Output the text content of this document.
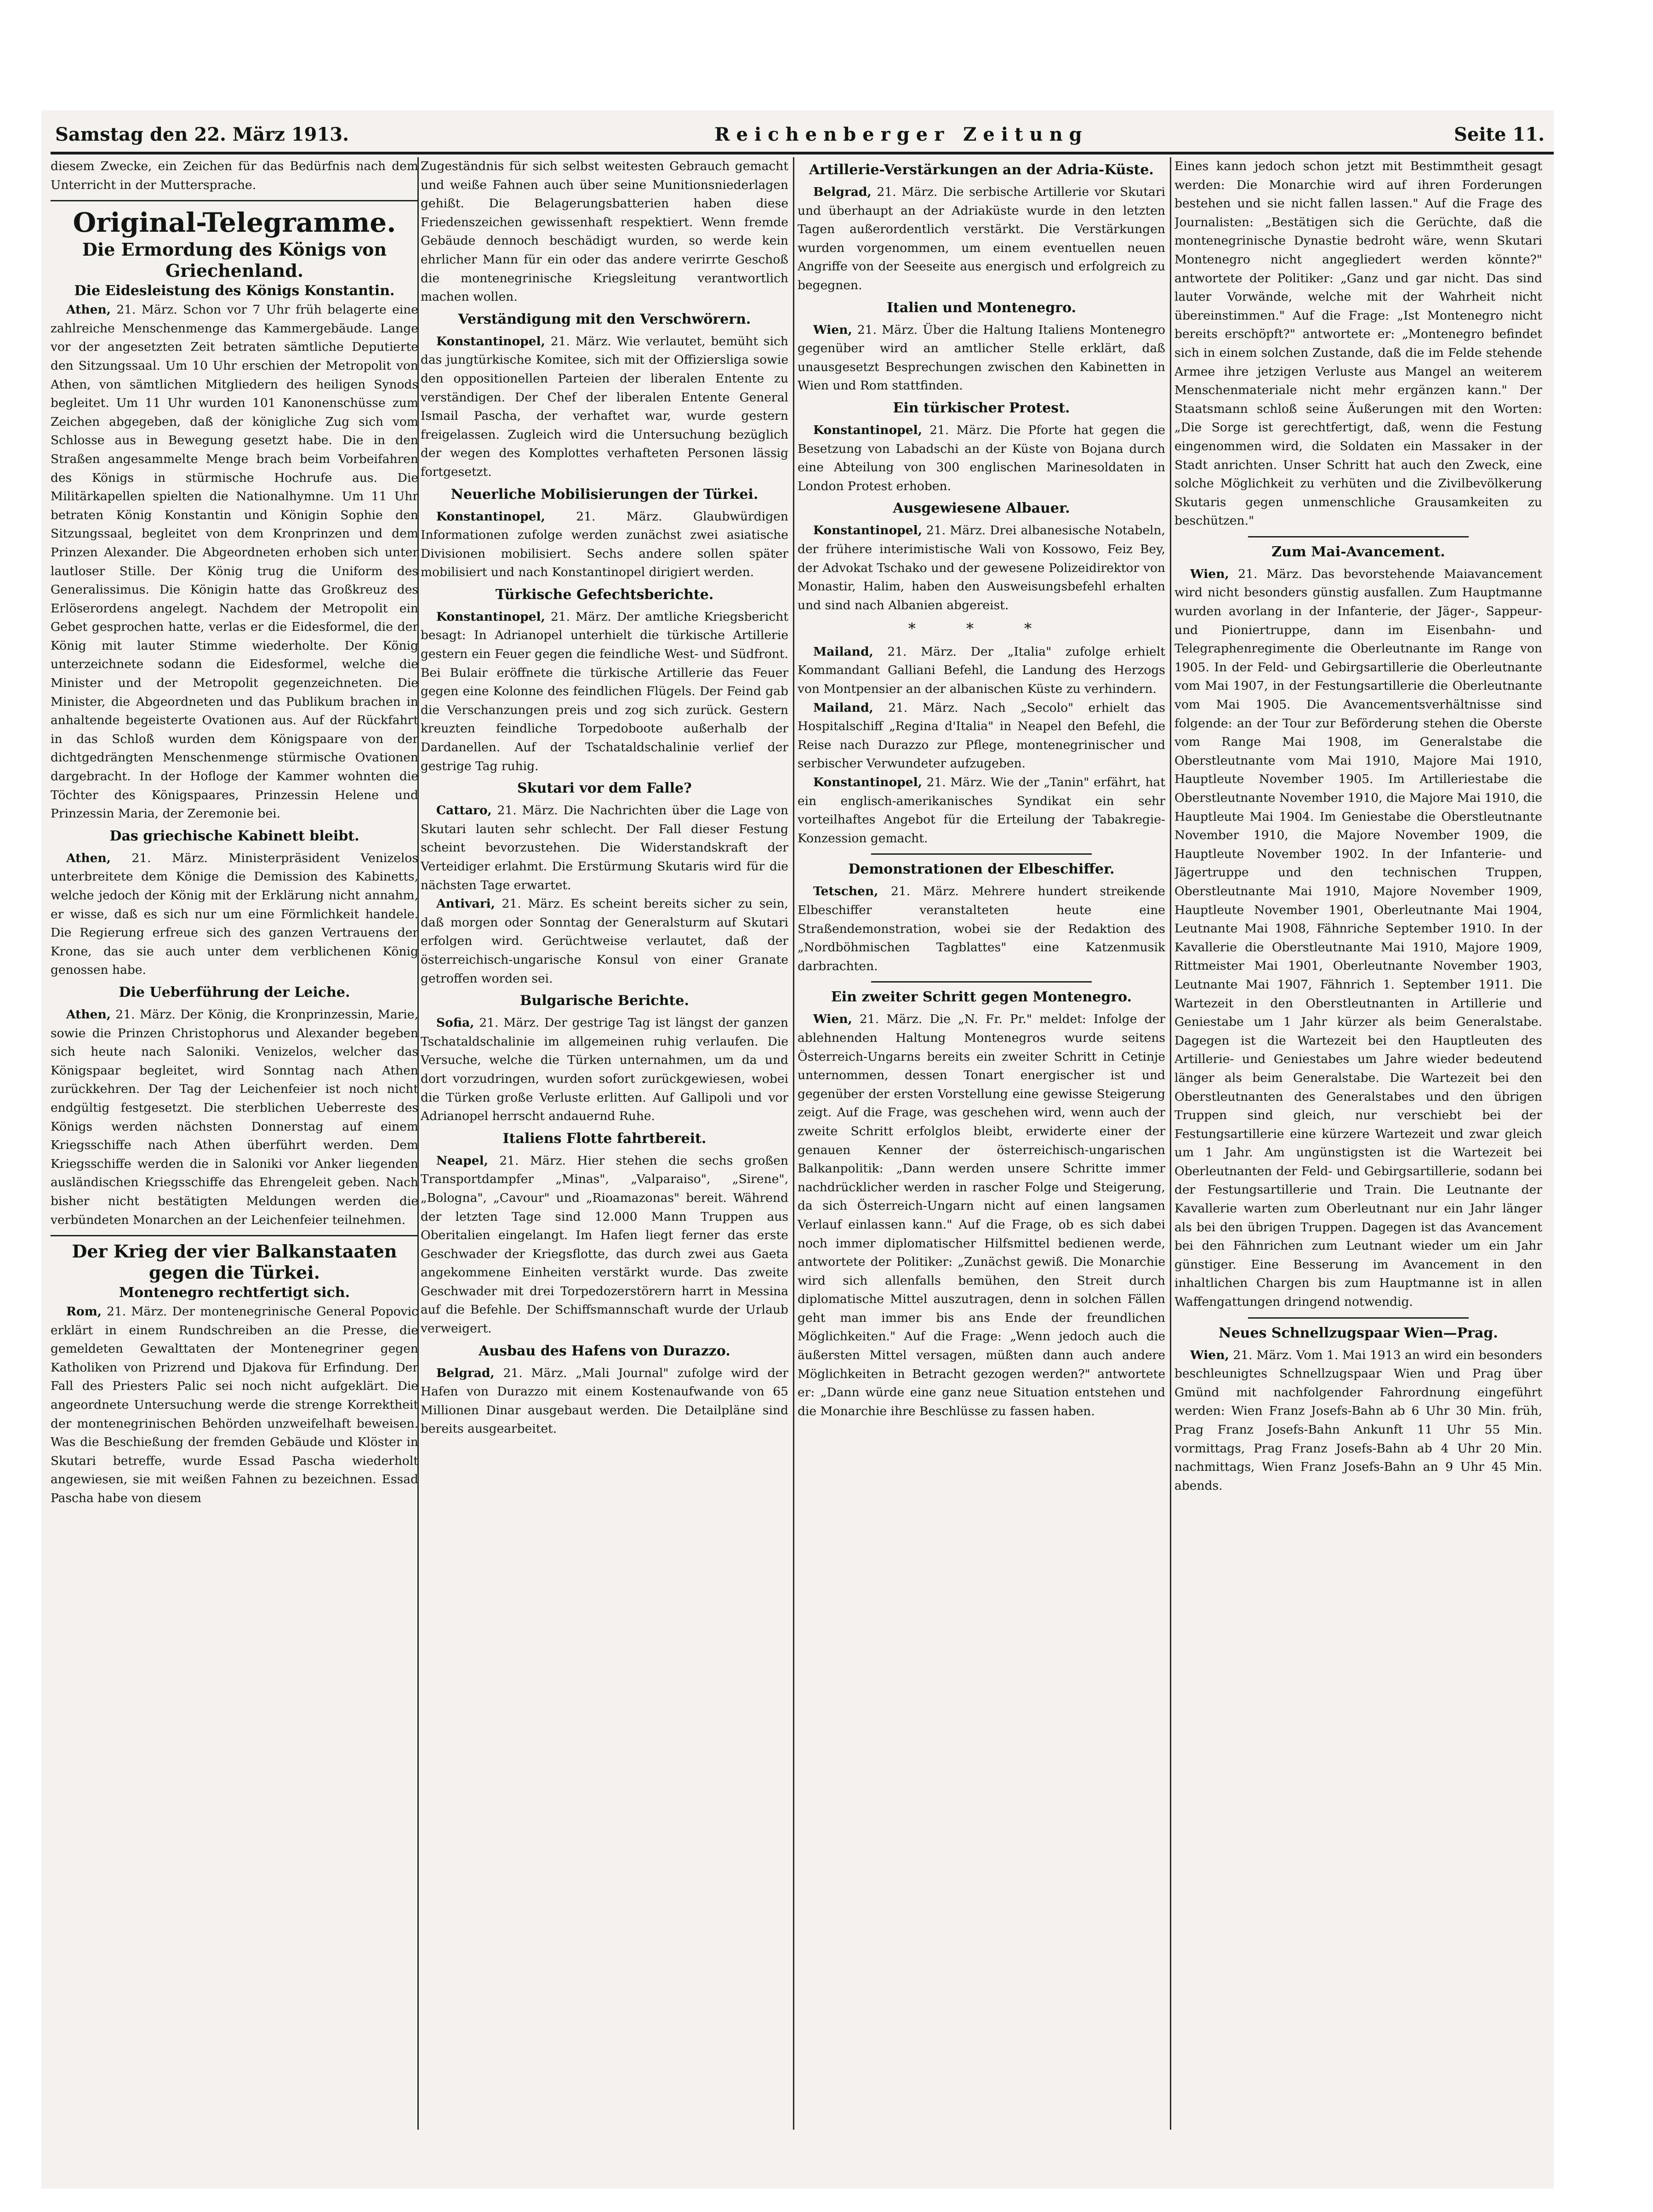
Samstag den 22. März 1913.	Reichenberger Zeitung	Seite 11.

diesem Zwecke, ein Zeichen für das Bedürfnis nach dem Unterricht in der Muttersprache.

Original-Telegramme.
Die Ermordung des Königs von Griechenland.

Die Eidesleistung des Königs Konstantin.

Athen, 21. März. Schon vor 7 Uhr früh belagerte eine zahlreiche Menschenmenge das Kammergebäude. Lange vor der angesetzten Zeit betraten sämtliche Deputierte den Sitzungssaal. Um 10 Uhr erschien der Metropolit von Athen, von sämtlichen Mitgliedern des heiligen Synods begleitet. Um 11 Uhr wurden 101 Kanonenschüsse zum Zeichen abgegeben, daß der königliche Zug sich vom Schlosse aus in Bewegung gesetzt habe. Die in den Straßen angesammelte Menge brach beim Vorbeifahren des Königs in stürmische Hochrufe aus. Die Militärkapellen spielten die Nationalhymne. Um 11 Uhr betraten König Konstantin und Königin Sophie den Sitzungssaal, begleitet von dem Kronprinzen und dem Prinzen Alexander. Die Abgeordneten erhoben sich unter lautloser Stille. Der König trug die Uniform des Generalissimus. Die Königin hatte das Großkreuz des Erlöserordens angelegt. Nachdem der Metropolit ein Gebet gesprochen hatte, verlas er die Eidesformel, die der König mit lauter Stimme wiederholte. Der König unterzeichnete sodann die Eidesformel, welche die Minister und der Metropolit gegenzeichneten. Die Minister, die Abgeordneten und das Publikum brachen in anhaltende begeisterte Ovationen aus. Auf der Rückfahrt in das Schloß wurden dem Königspaare von der dichtgedrängten Menschenmenge stürmische Ovationen dargebracht. In der Hofloge der Kammer wohnten die Töchter des Königspaares, Prinzessin Helene und Prinzessin Maria, der Zeremonie bei.

Das griechische Kabinett bleibt.

Athen, 21. März. Ministerpräsident Venizelos unterbreitete dem Könige die Demission des Kabinetts, welche jedoch der König mit der Erklärung nicht annahm, er wisse, daß es sich nur um eine Förmlichkeit handele. Die Regierung erfreue sich des ganzen Vertrauens der Krone, das sie auch unter dem verblichenen König genossen habe.

Die Ueberführung der Leiche.

Athen, 21. März. Der König, die Kronprinzessin, Marie, sowie die Prinzen Christophorus und Alexander begeben sich heute nach Saloniki. Venizelos, welcher das Königspaar begleitet, wird Sonntag nach Athen zurückkehren. Der Tag der Leichenfeier ist noch nicht endgültig festgesetzt. Die sterblichen Ueberreste des Königs werden nächsten Donnerstag auf einem Kriegsschiffe nach Athen überführt werden. Dem Kriegsschiffe werden die in Saloniki vor Anker liegenden ausländischen Kriegsschiffe das Ehrengeleit geben. Nach bisher nicht bestätigten Meldungen werden die verbündeten Monarchen an der Leichenfeier teilnehmen.

Der Krieg der vier Balkanstaaten gegen die Türkei.

Montenegro rechtfertigt sich.

Rom, 21. März. Der montenegrinische General Popovic erklärt in einem Rundschreiben an die Presse, die gemeldeten Gewalttaten der Montenegriner gegen Katholiken von Prizrend und Djakova für Erfindung. Der Fall des Priesters Palic sei noch nicht aufgeklärt. Die angeordnete Untersuchung werde die strenge Korrektheit der montenegrinischen Behörden unzweifelhaft beweisen. Was die Beschießung der fremden Gebäude und Klöster in Skutari betreffe, wurde Essad Pascha wiederholt angewiesen, sie mit weißen Fahnen zu bezeichnen. Essad Pascha habe von diesem

Zugeständnis für sich selbst weitesten Gebrauch gemacht und weiße Fahnen auch über seine Munitionsniederlagen gehißt. Die Belagerungsbatterien haben diese Friedenszeichen gewissenhaft respektiert. Wenn fremde Gebäude dennoch beschädigt wurden, so werde kein ehrlicher Mann für ein oder das andere verirrte Geschoß die montenegrinische Kriegsleitung verantwortlich machen wollen.

Verständigung mit den Verschwörern.

Konstantinopel, 21. März. Wie verlautet, bemüht sich das jungtürkische Komitee, sich mit der Offiziersliga sowie den oppositionellen Parteien der liberalen Entente zu verständigen. Der Chef der liberalen Entente General Ismail Pascha, der verhaftet war, wurde gestern freigelassen. Zugleich wird die Untersuchung bezüglich der wegen des Komplottes verhafteten Personen lässig fortgesetzt.

Neuerliche Mobilisierungen der Türkei.

Konstantinopel,	21. März. Glaubwürdigen Informationen zufolge werden zunächst zwei asiatische Divisionen mobilisiert. Sechs andere sollen später mobilisiert und nach Konstantinopel dirigiert werden.

Türkische Gefechtsberichte.

Konstantinopel, 21. März. Der amtliche Kriegsbericht besagt: In Adrianopel unterhielt die türkische Artillerie gestern ein Feuer gegen die feindliche West- und Südfront. Bei Bulair eröffnete die türkische Artillerie das Feuer gegen eine Kolonne des feindlichen Flügels. Der Feind gab die Verschanzungen preis und zog sich zurück. Gestern kreuzten feindliche Torpedoboote außerhalb der Dardanellen. Auf der Tschataldschalinie verlief der gestrige Tag ruhig.

Skutari vor dem Falle?

Cattaro, 21. März. Die Nachrichten über die Lage von Skutari lauten sehr schlecht. Der Fall dieser Festung scheint bevorzustehen. Die Widerstandskraft der Verteidiger erlahmt. Die Erstürmung Skutaris wird für die nächsten Tage erwartet.

Antivari, 21. März. Es scheint bereits sicher zu sein, daß morgen oder Sonntag der Generalsturm auf Skutari erfolgen wird. Gerüchtweise verlautet, daß der österreichisch-ungarische Konsul von einer Granate getroffen worden sei.

Bulgarische Berichte.

Sofia, 21. März. Der gestrige Tag ist längst der ganzen Tschataldschalinie im allgemeinen ruhig verlaufen. Die Versuche, welche die Türken unternahmen, um da und dort vorzudringen, wurden sofort zurückgewiesen, wobei die Türken große Verluste erlitten. Auf Gallipoli und vor Adrianopel herrscht andauernd Ruhe.

Italiens Flotte fahrtbereit.

Neapel, 21. März. Hier stehen die sechs großen Transportdampfer „Minas", „Valparaiso", „Sirene", „Bologna", „Cavour" und „Rioamazonas" bereit. Während der letzten Tage sind 12.000 Mann Truppen aus Oberitalien eingelangt. Im Hafen liegt ferner das erste Geschwader der Kriegsflotte, das durch zwei aus Gaeta angekommene Einheiten verstärkt wurde. Das zweite Geschwader mit drei Torpedozerstörern harrt in Messina auf die Befehle. Der Schiffsmannschaft wurde der Urlaub verweigert.

Ausbau des Hafens von Durazzo.

Belgrad, 21. März. „Mali Journal" zufolge wird der Hafen von Durazzo mit einem Kostenaufwande von 65 Millionen Dinar ausgebaut werden. Die Detailpläne sind bereits ausgearbeitet.

Artillerie-Verstärkungen an der Adria-Küste.

Belgrad, 21. März. Die serbische Artillerie vor Skutari und überhaupt an der Adriaküste wurde in den letzten Tagen außerordentlich verstärkt. Die Verstärkungen wurden vorgenommen, um einem eventuellen neuen Angriffe von der Seeseite aus energisch und erfolgreich zu begegnen.

Italien und Montenegro.

Wien, 21. März. Über die Haltung Italiens Montenegro gegenüber wird an amtlicher Stelle erklärt, daß unausgesetzt Besprechungen zwischen den Kabinetten in Wien und Rom stattfinden.

Ein türkischer Protest.

Konstantinopel, 21. März. Die Pforte hat gegen die Besetzung von Labadschi an der Küste von Bojana durch eine Abteilung von 300 englischen Marinesoldaten in London Protest erhoben.

Ausgewiesene Albauer.

Konstantinopel, 21. März. Drei albanesische Notabeln, der frühere interimistische Wali von Kossowo, Feiz Bey, der Advokat Tschako und der gewesene Polizeidirektor von Monastir, Halim, haben den Ausweisungsbefehl erhalten und sind nach Albanien abgereist.

* * *

Mailand, 21. März. Der „Italia" zufolge erhielt Kommandant Galliani Befehl, die Landung des Herzogs von Montpensier an der albanischen Küste zu verhindern.

Mailand, 21. März. Nach „Secolo" erhielt das Hospitalschiff „Regina d'Italia" in Neapel den Befehl, die Reise nach Durazzo zur Pflege, montenegrinischer und serbischer Verwundeter aufzugeben.

Konstantinopel, 21. März. Wie der „Tanin" erfährt, hat ein englisch-amerikanisches Syndikat ein sehr vorteilhaftes Angebot für die Erteilung der Tabakregie-Konzession gemacht.

Demonstrationen der Elbeschiffer.

Tetschen, 21. März. Mehrere hundert streikende Elbeschiffer veranstalteten heute eine Straßendemonstration, wobei sie der Redaktion des „Nordböhmischen Tagblattes" eine Katzenmusik darbrachten.

Ein zweiter Schritt gegen Montenegro.

Wien, 21. März. Die „N. Fr. Pr." meldet: Infolge der ablehnenden Haltung Montenegros wurde seitens Österreich-Ungarns bereits ein zweiter Schritt in Cetinje unternommen, dessen Tonart energischer ist und gegenüber der ersten Vorstellung eine gewisse Steigerung zeigt. Auf die Frage, was geschehen wird, wenn auch der zweite Schritt erfolglos bleibt, erwiderte einer der genauen Kenner der österreichisch-ungarischen Balkanpolitik: „Dann werden unsere Schritte immer nachdrücklicher werden in rascher Folge und Steigerung, da sich Österreich-Ungarn nicht auf einen langsamen Verlauf einlassen kann." Auf die Frage, ob es sich dabei noch immer diplomatischer Hilfsmittel bedienen werde, antwortete der Politiker: „Zunächst gewiß. Die Monarchie wird sich allenfalls bemühen, den Streit durch diplomatische Mittel auszutragen, denn in solchen Fällen geht man immer bis ans Ende der freundlichen Möglichkeiten." Auf die Frage: „Wenn jedoch auch die äußersten Mittel versagen, müßten dann auch andere Möglichkeiten in Betracht gezogen werden?" antwortete er: „Dann würde eine ganz neue Situation entstehen und die Monarchie ihre Beschlüsse zu fassen haben.

Eines kann jedoch schon jetzt mit Bestimmtheit gesagt werden: Die Monarchie wird auf ihren Forderungen bestehen und sie nicht fallen lassen." Auf die Frage des Journalisten: „Bestätigen sich die Gerüchte, daß die montenegrinische Dynastie bedroht wäre, wenn Skutari Montenegro nicht angegliedert werden könnte?" antwortete der Politiker: „Ganz und gar nicht. Das sind lauter Vorwände, welche mit der Wahrheit nicht übereinstimmen." Auf die Frage: „Ist Montenegro nicht bereits erschöpft?" antwortete er: „Montenegro befindet sich in einem solchen Zustande, daß die im Felde stehende Armee ihre jetzigen Verluste aus Mangel an weiterem Menschenmateriale nicht mehr ergänzen kann." Der Staatsmann schloß seine Äußerungen mit den Worten: „Die Sorge ist gerechtfertigt, daß, wenn die Festung eingenommen wird, die Soldaten ein Massaker in der Stadt anrichten. Unser Schritt hat auch den Zweck, eine solche Möglichkeit zu verhüten und die Zivilbevölkerung Skutaris gegen unmenschliche Grausamkeiten zu beschützen."

Zum Mai-Avancement.

Wien, 21. März. Das bevorstehende Maiavancement wird nicht besonders günstig ausfallen. Zum Hauptmanne wurden avorlang in der Infanterie, der Jäger-, Sappeur- und Pioniertruppe, dann im Eisenbahn- und Telegraphenregimente die Oberleutnante im Range von 1905. In der Feld- und Gebirgsartillerie die Oberleutnante vom Mai 1907, in der Festungsartillerie die Oberleutnante vom Mai 1905. Die Avancementsverhältnisse sind folgende: an der Tour zur Beförderung stehen die Oberste vom Range Mai 1908, im Generalstabe die Oberstleutnante vom Mai 1910, Majore Mai 1910, Hauptleute November 1905. Im Artilleriestabe die Oberstleutnante November 1910, die Majore Mai 1910, die Hauptleute Mai 1904. Im Geniestabe die Oberstleutnante November 1910, die Majore November 1909, die Hauptleute November 1902. In der Infanterie- und Jägertruppe und den technischen Truppen, Oberstleutnante Mai 1910, Majore November 1909, Hauptleute November 1901, Oberleutnante Mai 1904, Leutnante Mai 1908, Fähnriche September 1910. In der Kavallerie die Oberstleutnante Mai 1910, Majore 1909, Rittmeister Mai 1901, Oberleutnante November 1903, Leutnante Mai 1907, Fähnrich 1. September 1911. Die Wartezeit in den Oberstleutnanten in Artillerie und Geniestabe um 1 Jahr kürzer als beim Generalstabe. Dagegen ist die Wartezeit bei den Hauptleuten des Artillerie- und Geniestabes um Jahre wieder bedeutend länger als beim Generalstabe. Die Wartezeit bei den Oberstleutnanten des Generalstabes und den übrigen Truppen sind gleich, nur verschiebt bei der Festungsartillerie eine kürzere Wartezeit und zwar gleich um 1 Jahr. Am ungünstigsten ist die Wartezeit bei Oberleutnanten der Feld- und Gebirgsartillerie, sodann bei der Festungsartillerie und Train. Die Leutnante der Kavallerie warten zum Oberleutnant nur ein Jahr länger als bei den übrigen Truppen. Dagegen ist das Avancement bei den Fähnrichen zum Leutnant wieder um ein Jahr günstiger. Eine Besserung im Avancement in den inhaltlichen Chargen bis zum Hauptmanne ist in allen Waffengattungen dringend notwendig.

Neues Schnellzugspaar Wien—Prag.

Wien, 21. März. Vom 1. Mai 1913 an wird ein besonders beschleunigtes Schnellzugspaar Wien und Prag über Gmünd mit nachfolgender Fahrordnung eingeführt werden: Wien Franz Josefs-Bahn ab 6 Uhr 30 Min. früh, Prag Franz Josefs-Bahn Ankunft 11 Uhr 55 Min. vormittags, Prag Franz Josefs-Bahn ab 4 Uhr 20 Min. nachmittags, Wien Franz Josefs-Bahn an 9 Uhr 45 Min. abends.
